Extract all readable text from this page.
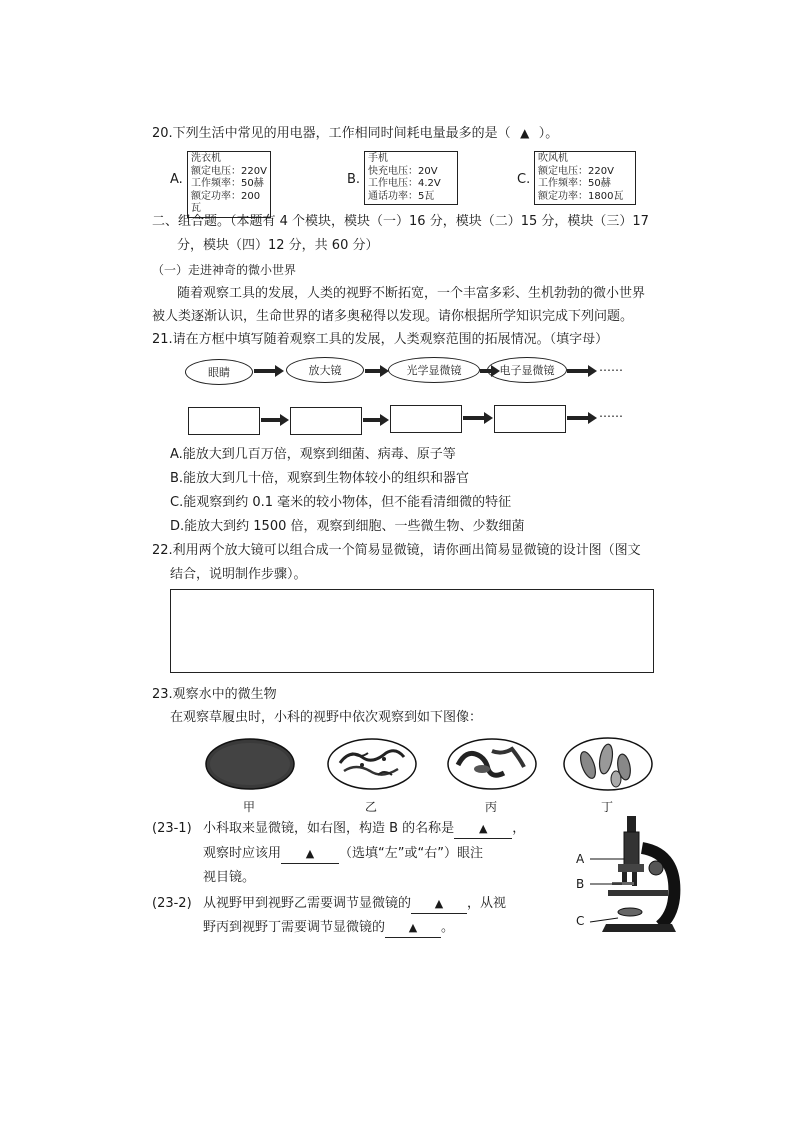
20.下列生活中常见的用电器，工作相同时间耗电量最多的是（ ▲ ）。
A.
洗衣机
额定电压：220V
工作频率：50赫
额定功率：200瓦
B.
手机
快充电压：20V
工作电压：4.2V
通话功率：5瓦
C.
吹风机
额定电压：220V
工作频率：50赫
额定功率：1800瓦
二、组合题。（本题有 4 个模块，模块（一）16 分，模块（二）15 分，模块（三）17
分，模块（四）12 分，共 60 分）
（一）走进神奇的微小世界
随着观察工具的发展，人类的视野不断拓宽，一个丰富多彩、生机勃勃的微小世界
被人类逐渐认识，生命世界的诸多奥秘得以发现。请你根据所学知识完成下列问题。
21.请在方框中填写随着观察工具的发展，人类观察范围的拓展情况。（填字母）
眼睛	放大镜	光学显微镜	电子显微镜	……
……
A.能放大到几百万倍，观察到细菌、病毒、原子等
B.能放大到几十倍，观察到生物体较小的组织和器官
C.能观察到约 0.1 毫米的较小物体，但不能看清细微的特征
D.能放大到约 1500 倍，观察到细胞、一些微生物、少数细菌
22.利用两个放大镜可以组合成一个简易显微镜，请你画出简易显微镜的设计图（图文
结合，说明制作步骤）。
23.观察水中的微生物
在观察草履虫时，小科的视野中依次观察到如下图像：
甲	乙	丙	丁
(23-1) 小科取来显微镜，如右图，构造 B 的名称是 ▲ ，
观察时应该用 ▲ （选填“左”或“右”）眼注
视目镜。
(23-2) 从视野甲到视野乙需要调节显微镜的 ▲ ，从视
野丙到视野丁需要调节显微镜的 ▲ 。
A
B
C
